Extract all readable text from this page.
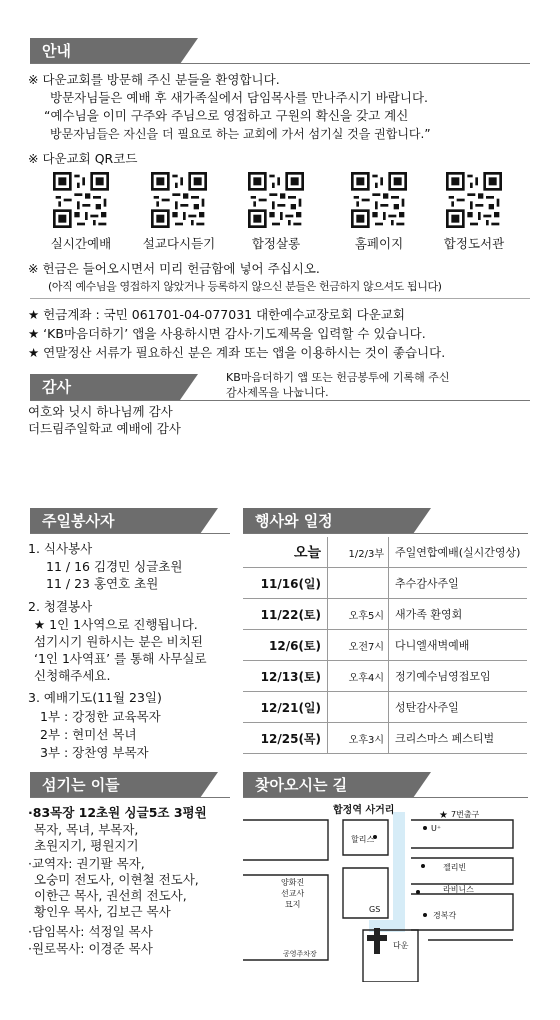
안내
※ 다운교회를 방문해 주신 분들을 환영합니다.
방문자님들은 예배 후 새가족실에서 담임목사를 만나주시기 바랍니다.
“예수님을 이미 구주와 주님으로 영접하고 구원의 확신을 갖고 계신
방문자님들은 자신을 더 필요로 하는 교회에 가서 섬기실 것을 권합니다.”
※ 다운교회 QR코드
실시간예배	설교다시듣기	합정살롱	홈페이지	합정도서관
※ 헌금은 들어오시면서 미리 헌금함에 넣어 주십시오.
(아직 예수님을 영접하지 않았거나 등록하지 않으신 분들은 헌금하지 않으셔도 됩니다)
★ 헌금계좌 : 국민 061701-04-077031 대한예수교장로회 다운교회
★ ‘KB마음더하기’ 앱을 사용하시면 감사·기도제목을 입력할 수 있습니다.
★ 연말정산 서류가 필요하신 분은 계좌 또는 앱을 이용하시는 것이 좋습니다.
감사
KB마음더하기 앱 또는 헌금봉투에 기록해 주신
감사제목을 나눕니다.
여호와 닛시 하나님께 감사
더드림주일학교 예배에 감사
주일봉사자
1. 식사봉사
11 / 16 김경민 싱글초원
11 / 23 홍연호 초원
2. 청결봉사
★ 1인 1사역으로 진행됩니다.
섬기시기 원하시는 분은 비치된
‘1인 1사역표’ 를 통해 사무실로
신청해주세요.
3. 예배기도(11월 23일)
1부 : 강정한 교육목자
2부 : 현미선 목녀
3부 : 장찬영 부목자
행사와 일정
오늘	1/2/3부	주일연합예배(실시간영상)
11/16(일)		추수감사주일
11/22(토)	오후5시	새가족 환영회
12/6(토)	오전7시	다니엘새벽예배
12/13(토)	오후4시	정기예수님영접모임
12/21(일)		성탄감사주일
12/25(목)	오후3시	크리스마스 페스티벌
섬기는 이들
·83목장 12초원 싱글5조 3평원
목자, 목녀, 부목자,
초원지기, 평원지기
·교역자: 권기팔 목자,
오숭미 전도사, 이현철 전도사,
이한근 목사, 권선희 전도사,
황인우 목사, 김보근 목사
·담임목사: 석정일 목사
·원로목사: 이경준 목사
찾아오시는 길
★
합정역 사거리	7번출구
U⁺
할리스
젤리빈
라비니스
경복각
양화진
선교사
묘지
GS
다운
공영주차장
